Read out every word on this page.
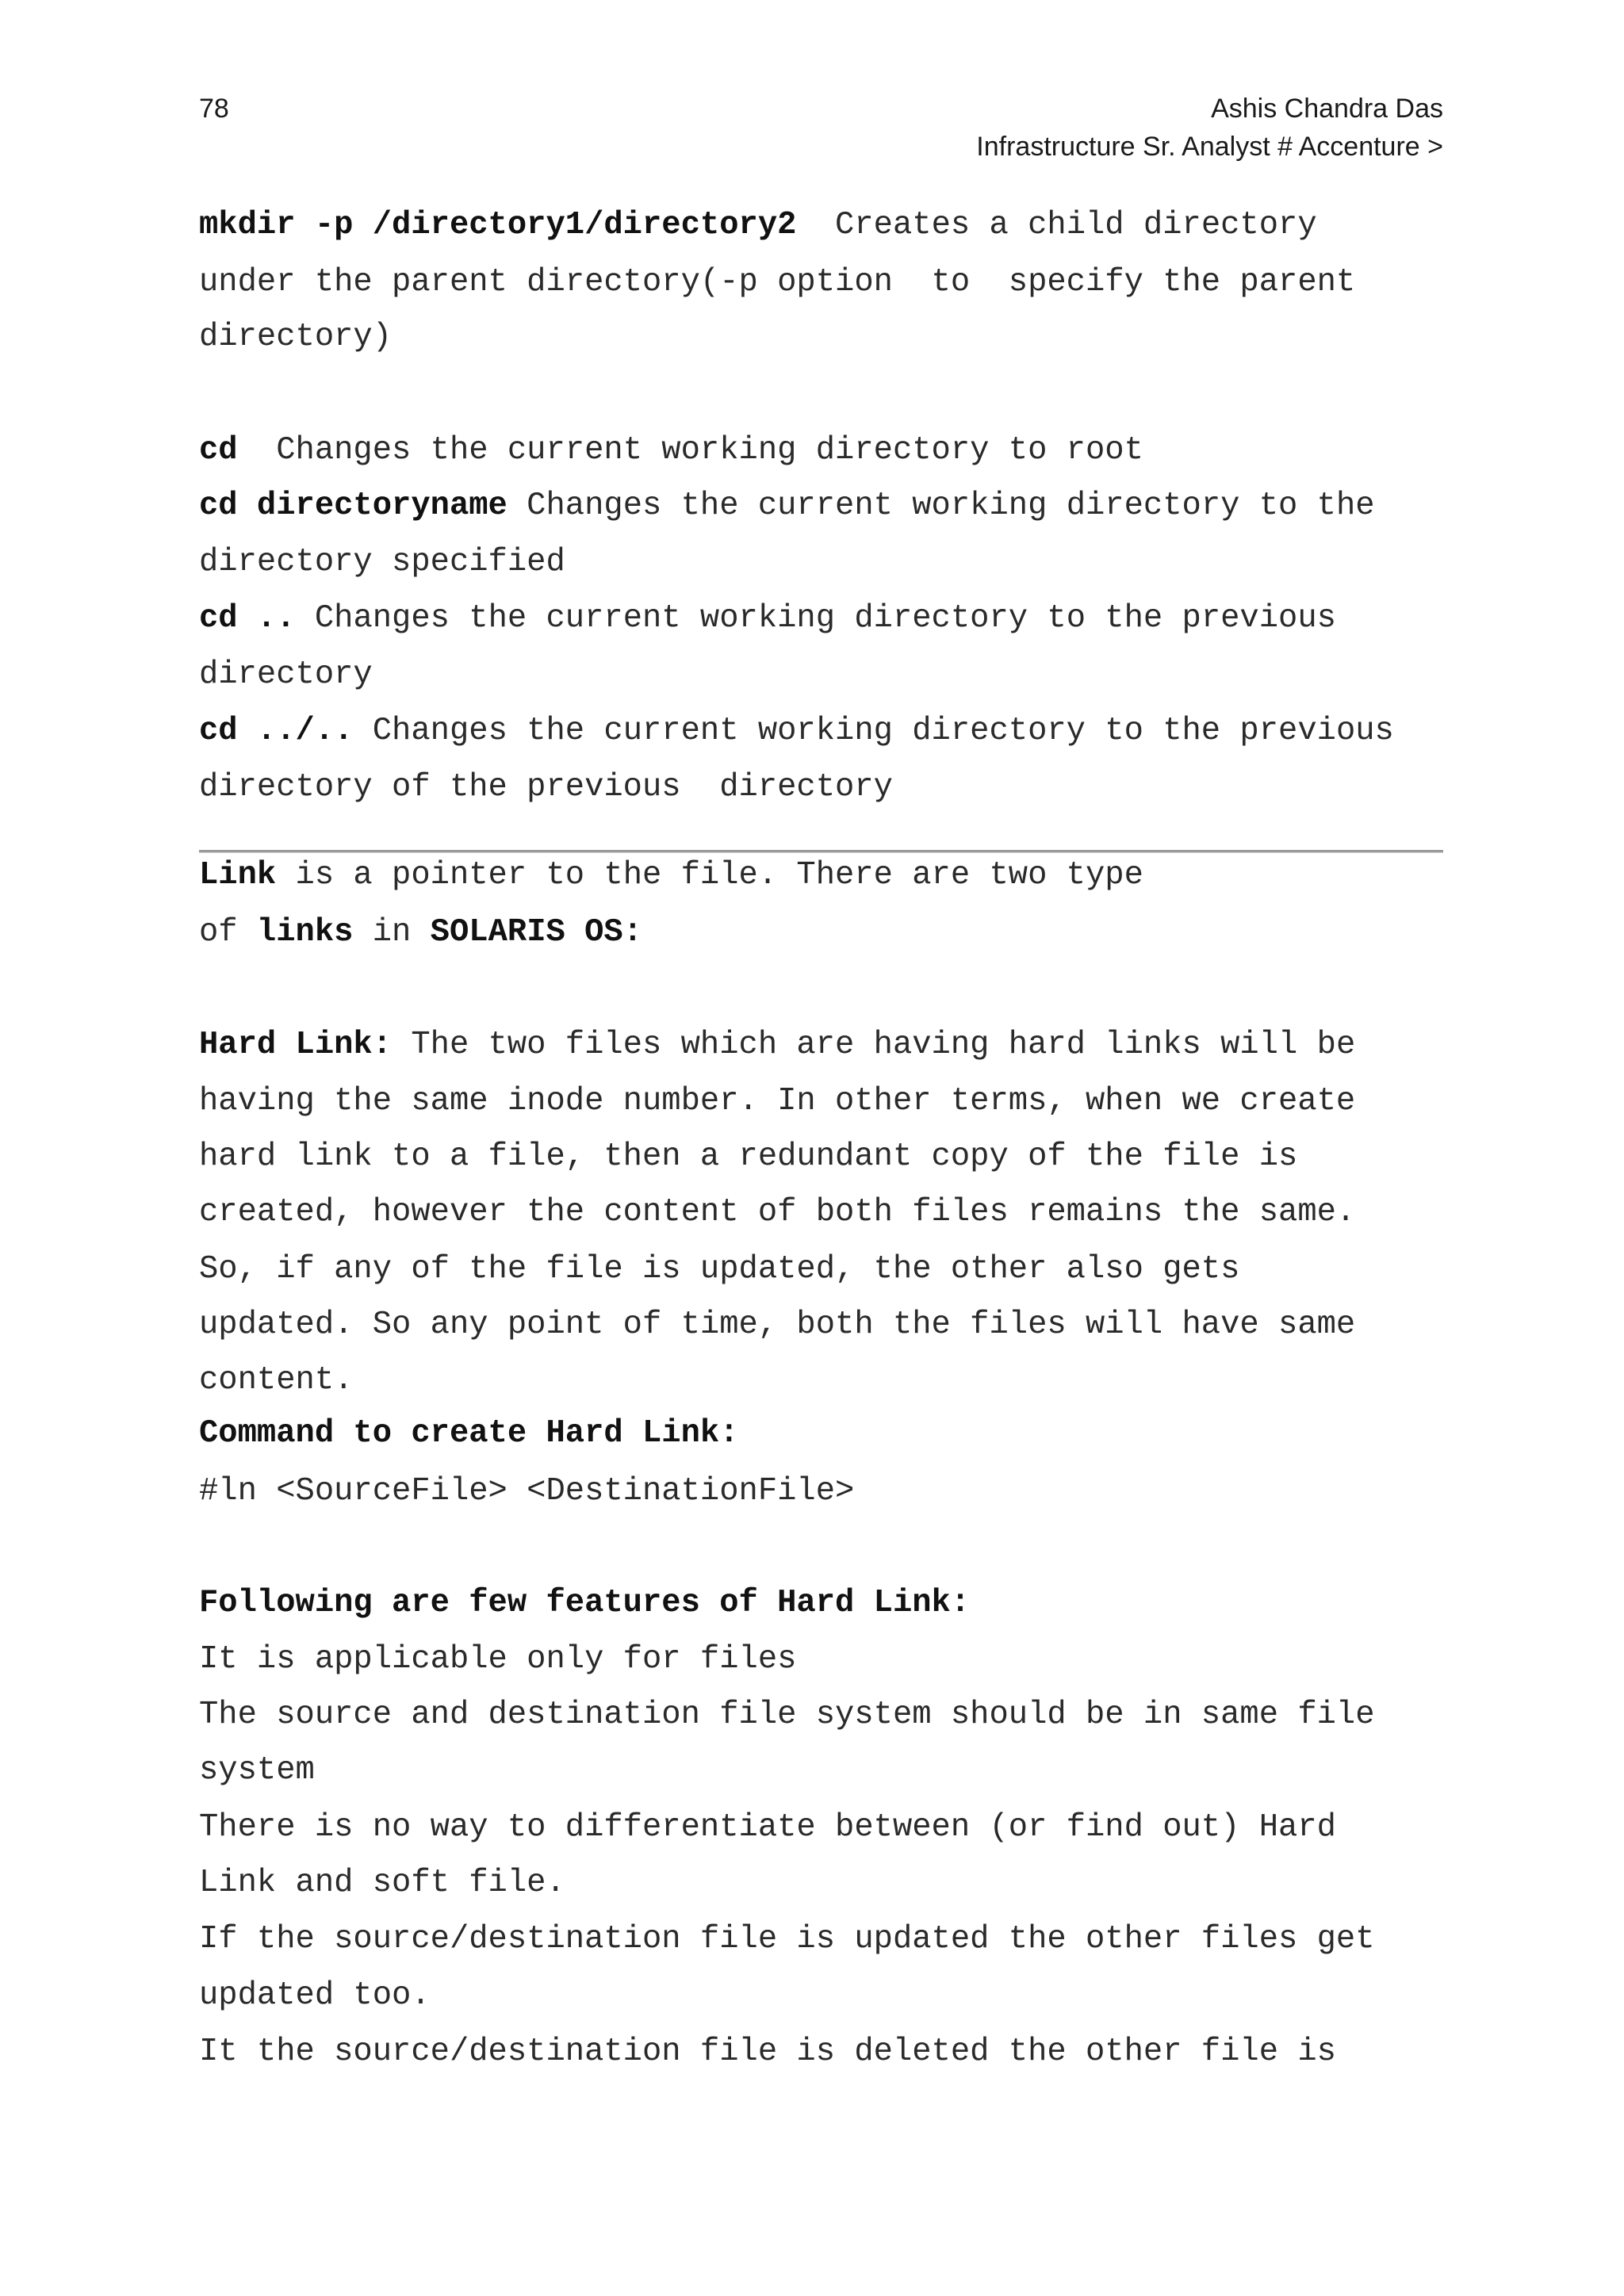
78	Ashis Chandra Das
Infrastructure Sr. Analyst # Accenture >

mkdir -p /directory1/directory2  Creates a child directory

under the parent directory(-p option  to  specify the parent

directory)

cd  Changes the current working directory to root

cd directoryname Changes the current working directory to the

directory specified

cd .. Changes the current working directory to the previous

directory

cd ../.. Changes the current working directory to the previous

directory of the previous  directory

Link is a pointer to the file. There are two type

of links in SOLARIS OS:

Hard Link: The two files which are having hard links will be

having the same inode number. In other terms, when we create

hard link to a file, then a redundant copy of the file is

created, however the content of both files remains the same.

So, if any of the file is updated, the other also gets

updated. So any point of time, both the files will have same

content.

Command to create Hard Link:

#ln <SourceFile> <DestinationFile>

Following are few features of Hard Link:

It is applicable only for files

The source and destination file system should be in same file

system

There is no way to differentiate between (or find out) Hard

Link and soft file.

If the source/destination file is updated the other files get

updated too.

It the source/destination file is deleted the other file is
